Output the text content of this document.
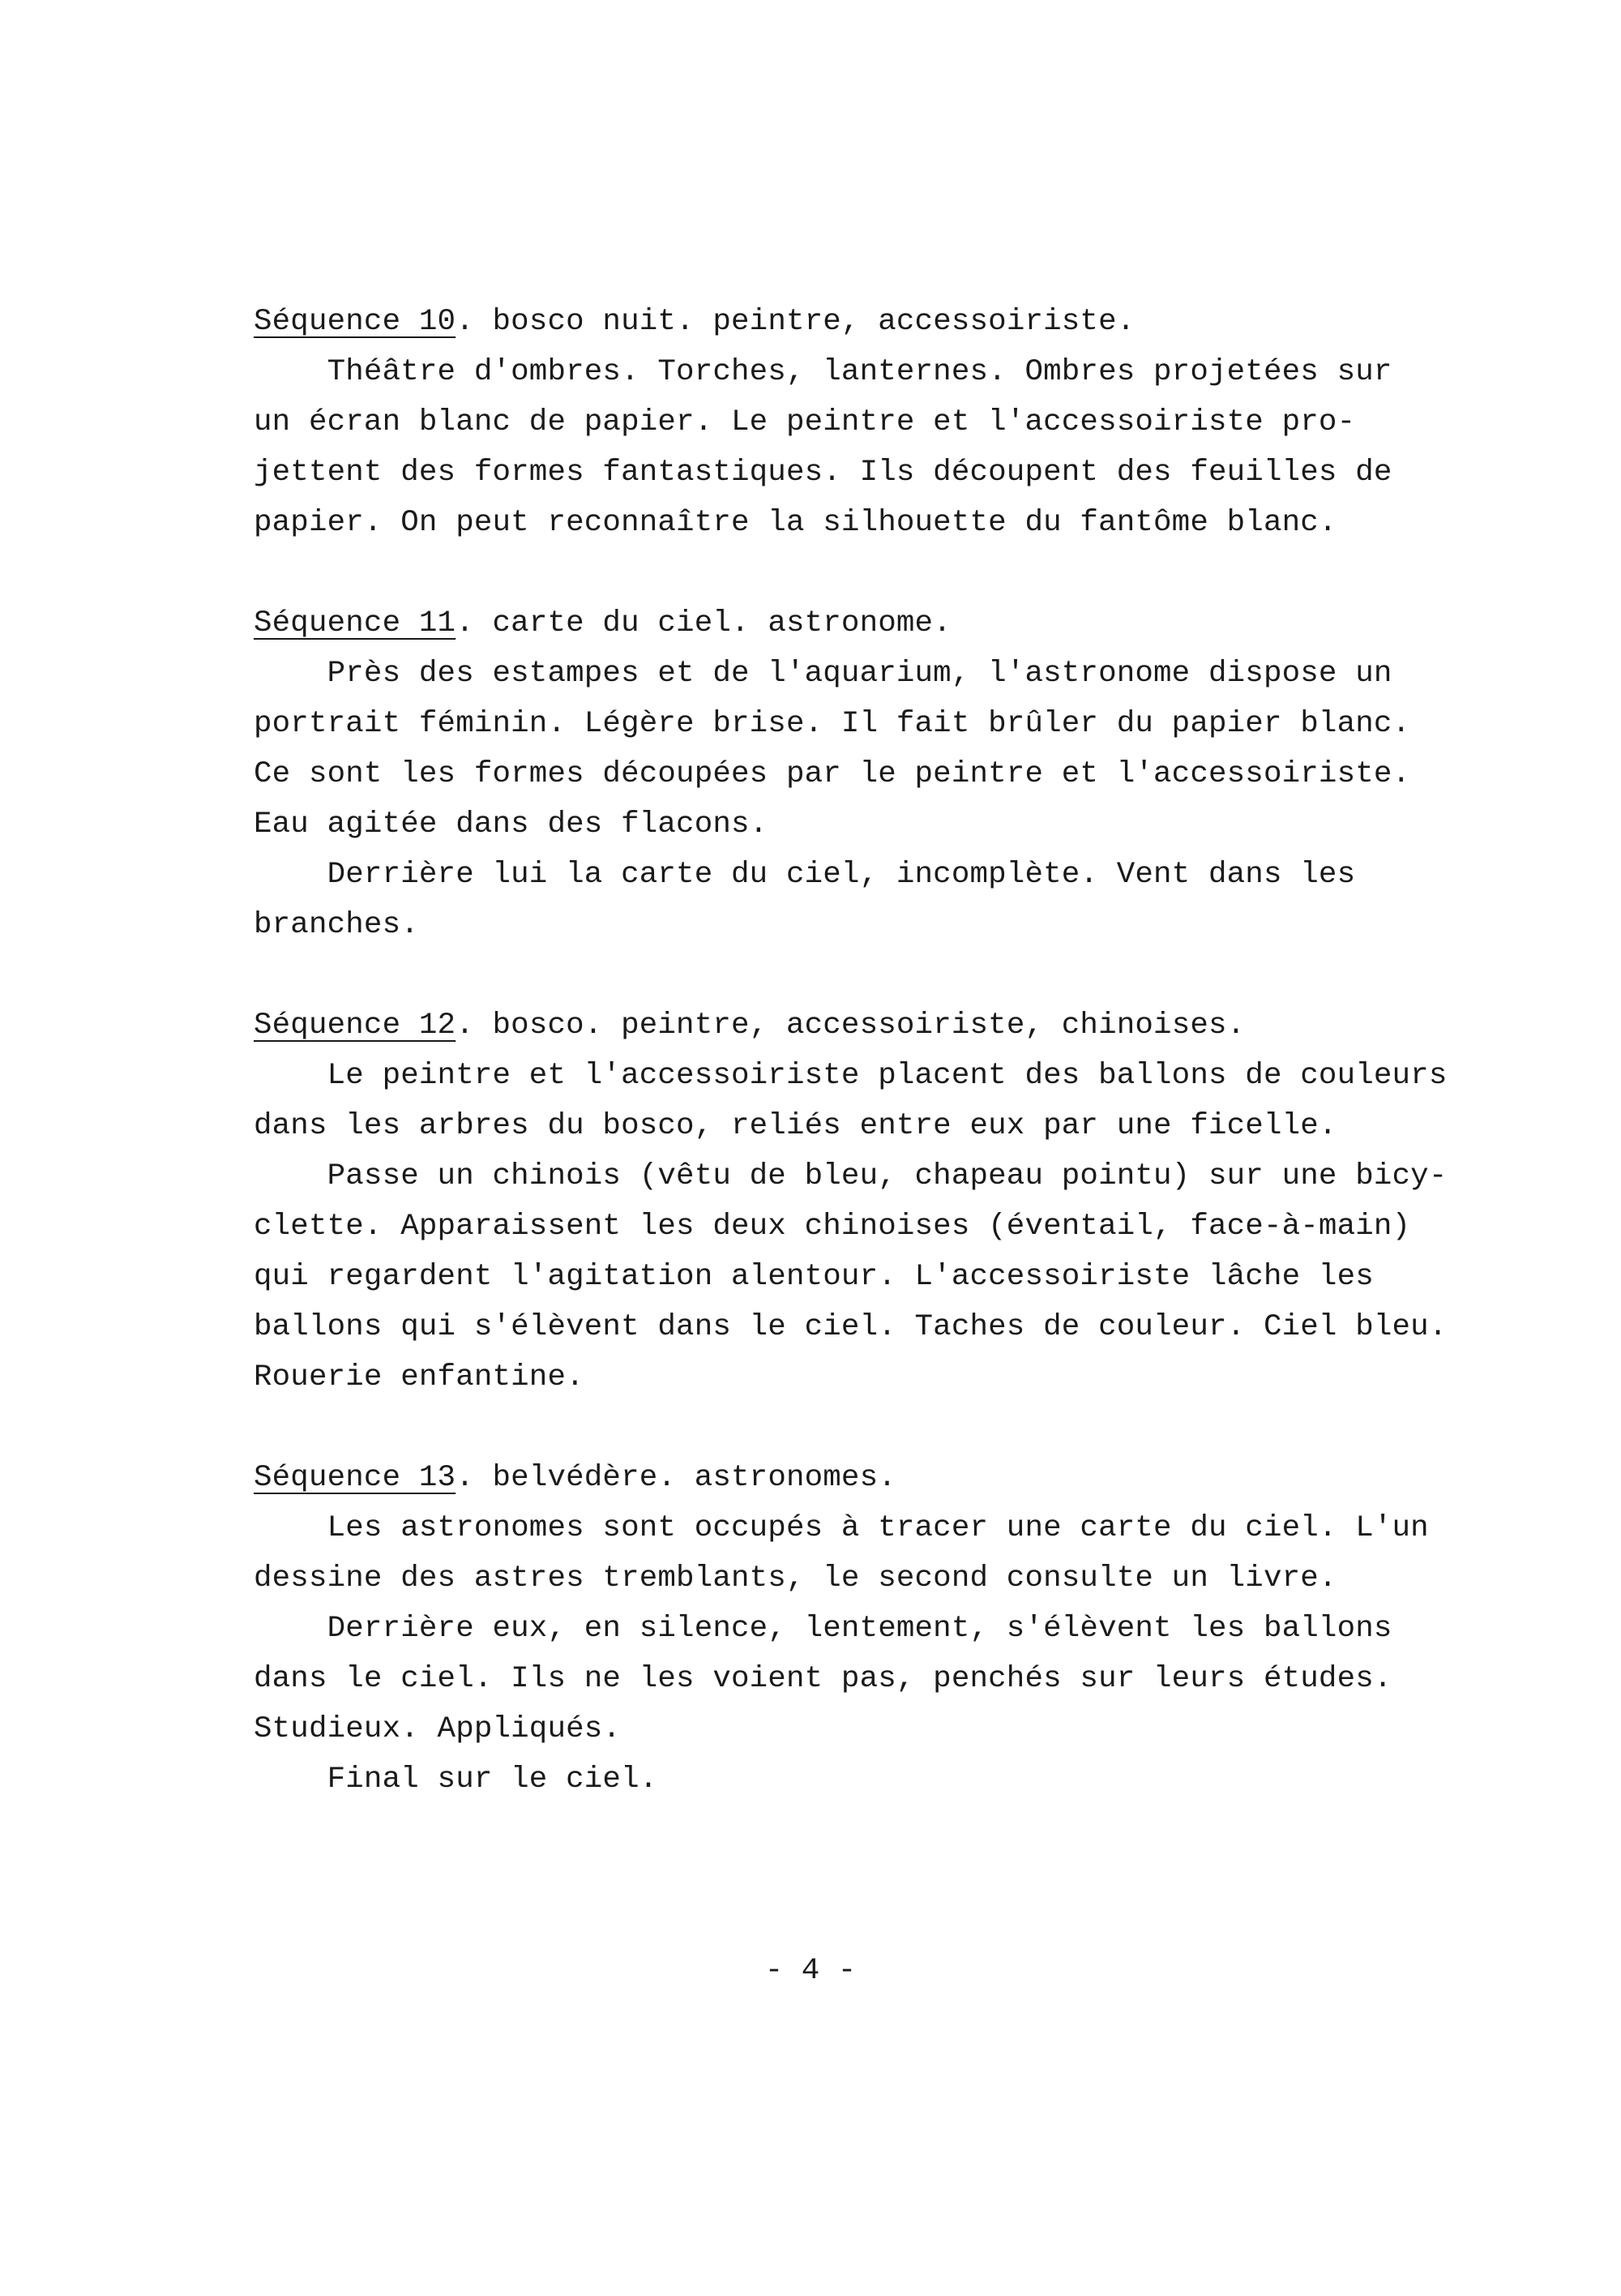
Séquence 10. bosco nuit. peintre, accessoiriste.
Théâtre d'ombres. Torches, lanternes. Ombres projetées sur
un écran blanc de papier. Le peintre et l'accessoiriste pro-
jettent des formes fantastiques. Ils découpent des feuilles de
papier. On peut reconnaître la silhouette du fantôme blanc.
Séquence 11. carte du ciel. astronome.
Près des estampes et de l'aquarium, l'astronome dispose un
portrait féminin. Légère brise. Il fait brûler du papier blanc.
Ce sont les formes découpées par le peintre et l'accessoiriste.
Eau agitée dans des flacons.
Derrière lui la carte du ciel, incomplète. Vent dans les
branches.
Séquence 12. bosco. peintre, accessoiriste, chinoises.
Le peintre et l'accessoiriste placent des ballons de couleurs
dans les arbres du bosco, reliés entre eux par une ficelle.
Passe un chinois (vêtu de bleu, chapeau pointu) sur une bicy-
clette. Apparaissent les deux chinoises (éventail, face-à-main)
qui regardent l'agitation alentour. L'accessoiriste lâche les
ballons qui s'élèvent dans le ciel. Taches de couleur. Ciel bleu.
Rouerie enfantine.
Séquence 13. belvédère. astronomes.
Les astronomes sont occupés à tracer une carte du ciel. L'un
dessine des astres tremblants, le second consulte un livre.
Derrière eux, en silence, lentement, s'élèvent les ballons
dans le ciel. Ils ne les voient pas, penchés sur leurs études.
Studieux. Appliqués.
Final sur le ciel.
- 4 -
